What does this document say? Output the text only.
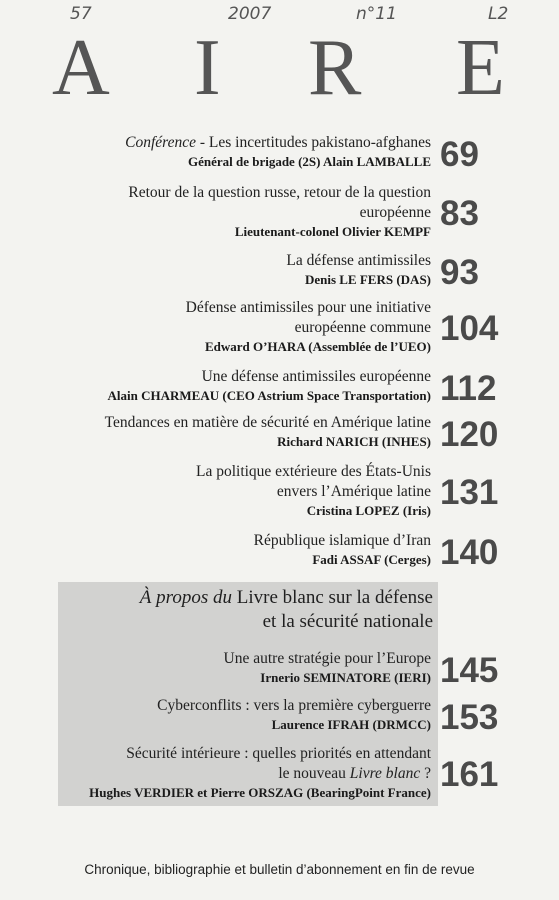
57	2007	n°11	L2
A I R E
Conférence - Les incertitudes pakistano-afghanes
Général de brigade (2S) Alain LAMBALLE 69
Retour de la question russe, retour de la question
européenne
Lieutenant-colonel Olivier KEMPF 83
La défense antimissiles
Denis LE FERS (DAS) 93
Défense antimissiles pour une initiative
européenne commune
Edward O’HARA (Assemblée de l’UEO) 104
Une défense antimissiles européenne
Alain CHARMEAU (CEO Astrium Space Transportation) 112
Tendances en matière de sécurité en Amérique latine
Richard NARICH (INHES) 120
La politique extérieure des États-Unis
envers l’Amérique latine
Cristina LOPEZ (Iris) 131
République islamique d’Iran
Fadi ASSAF (Cerges) 140
À propos du Livre blanc sur la défense
et la sécurité nationale
Une autre stratégie pour l’Europe
Irnerio SEMINATORE (IERI) 145
Cyberconflits : vers la première cyberguerre
Laurence IFRAH (DRMCC) 153
Sécurité intérieure : quelles priorités en attendant
le nouveau Livre blanc ?
Hughes VERDIER et Pierre ORSZAG (BearingPoint France) 161
Chronique, bibliographie et bulletin d’abonnement en fin de revue
